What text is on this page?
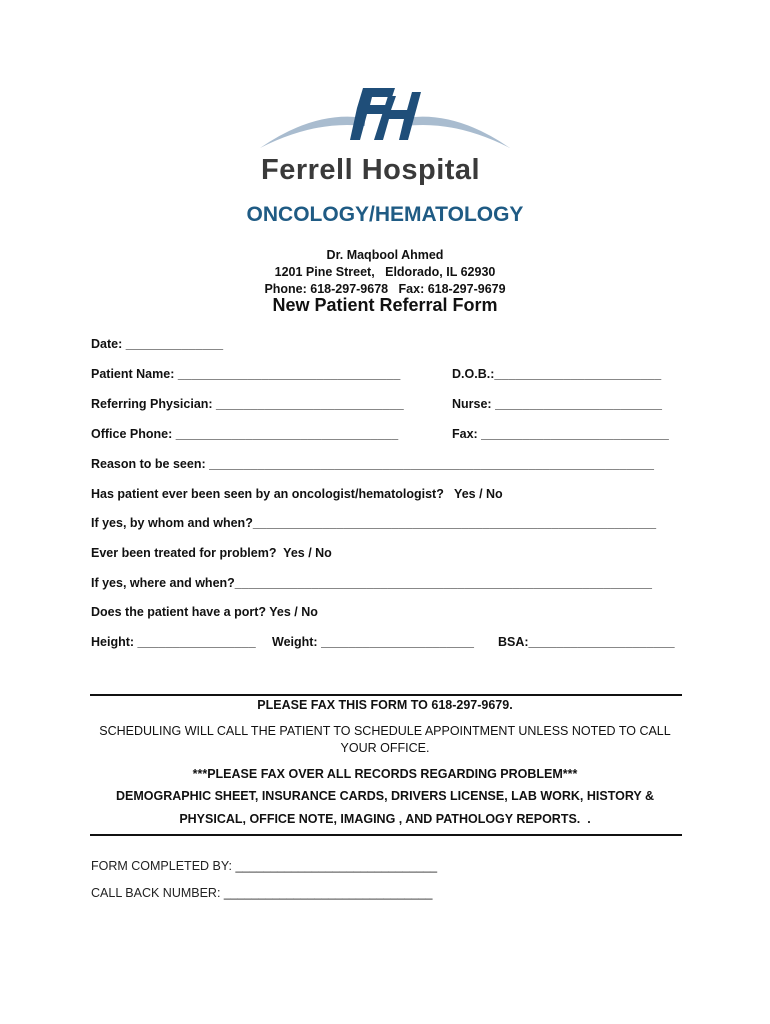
Ferrell Hospital
ONCOLOGY/HEMATOLOGY
Dr. Maqbool Ahmed
1201 Pine Street,   Eldorado, IL 62930
Phone: 618-297-9678   Fax: 618-297-9679
New Patient Referral Form
Date: ______________
Patient Name: ________________________________	D.O.B.:________________________
Referring Physician: ___________________________	Nurse: ________________________
Office Phone: ________________________________	Fax: ___________________________
Reason to be seen: ________________________________________________________________
Has patient ever been seen by an oncologist/hematologist?   Yes / No
If yes, by whom and when?__________________________________________________________
Ever been treated for problem?  Yes / No
If yes, where and when?____________________________________________________________
Does the patient have a port? Yes / No
Height: _________________ Weight: ______________________ BSA:_____________________
PLEASE FAX THIS FORM TO 618-297-9679.
SCHEDULING WILL CALL THE PATIENT TO SCHEDULE APPOINTMENT UNLESS NOTED TO CALL
YOUR OFFICE.
***PLEASE FAX OVER ALL RECORDS REGARDING PROBLEM***
DEMOGRAPHIC SHEET, INSURANCE CARDS, DRIVERS LICENSE, LAB WORK, HISTORY &
PHYSICAL, OFFICE NOTE, IMAGING , AND PATHOLOGY REPORTS.  .
FORM COMPLETED BY: _____________________________
CALL BACK NUMBER: ______________________________
